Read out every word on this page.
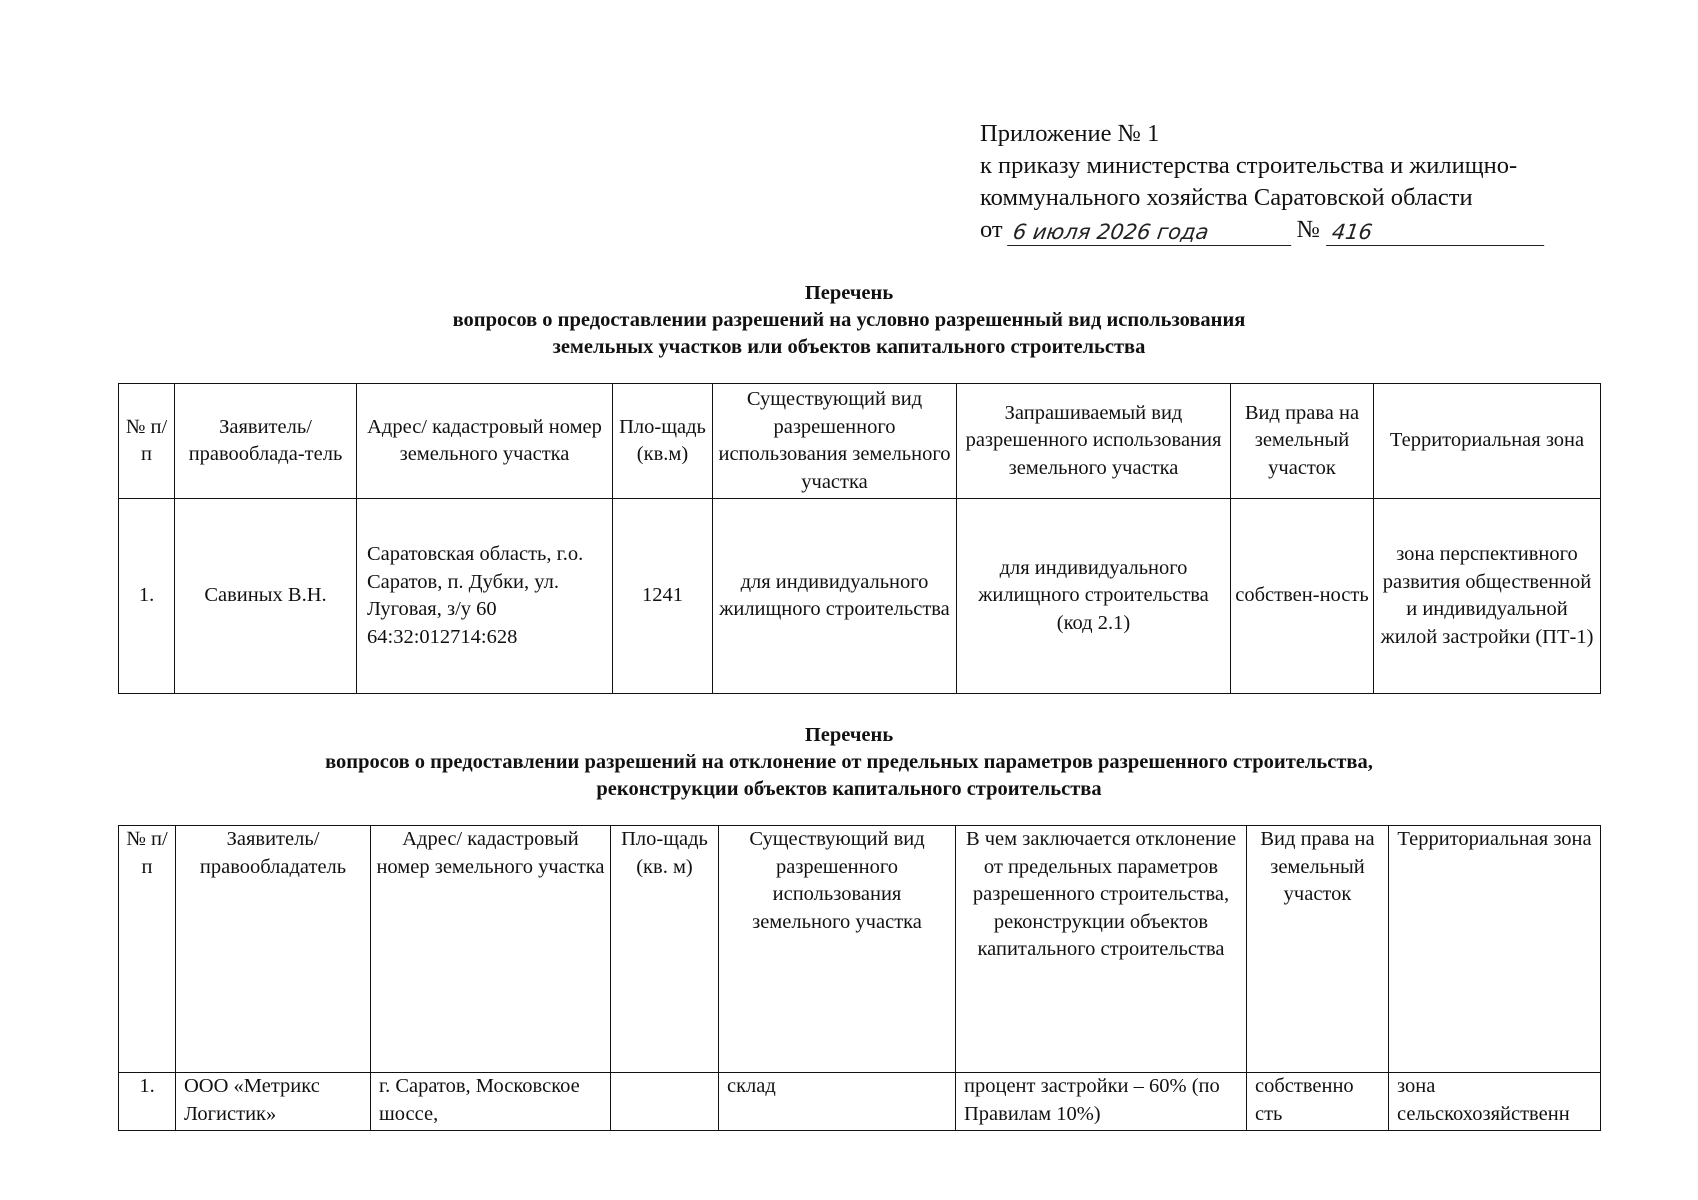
Приложение № 1
к приказу министерства строительства и жилищно-
коммунального хозяйства Саратовской области
от 6 июля 2026 года	№ 416
Перечень
вопросов о предоставлении разрешений на условно разрешенный вид использования
земельных участков или объектов капитального строительства
№ п/п	Заявитель/ правооблада-тель	Адрес/ кадастровый номер земельного участка	Пло-щадь (кв.м)	Существующий вид разрешенного использования земельного участка	Запрашиваемый вид разрешенного использования земельного участка	Вид права на земельный участок	Территориальная зона
1.	Савиных В.Н.	Саратовская область, г.о. Саратов, п. Дубки, ул. Луговая, з/у 60 64:32:012714:628	1241	для индивидуального жилищного строительства	для индивидуального жилищного строительства (код 2.1)	собствен-ность	зона перспективного развития общественной и индивидуальной жилой застройки (ПТ-1)
Перечень
вопросов о предоставлении разрешений на отклонение от предельных параметров разрешенного строительства,
реконструкции объектов капитального строительства
№ п/п	Заявитель/ правообладатель	Адрес/ кадастровый номер земельного участка	Пло-щадь (кв. м)	Существующий вид разрешенного использования земельного участка	В чем заключается отклонение от предельных параметров разрешенного строительства, реконструкции объектов капитального строительства	Вид права на земельный участок	Территориальная зона
1.	ООО «Метрикс Логистик»	г. Саратов, Московское шоссе,		склад	процент застройки – 60% (по Правилам 10%)	собственно сть	зона сельскохозяйственн
